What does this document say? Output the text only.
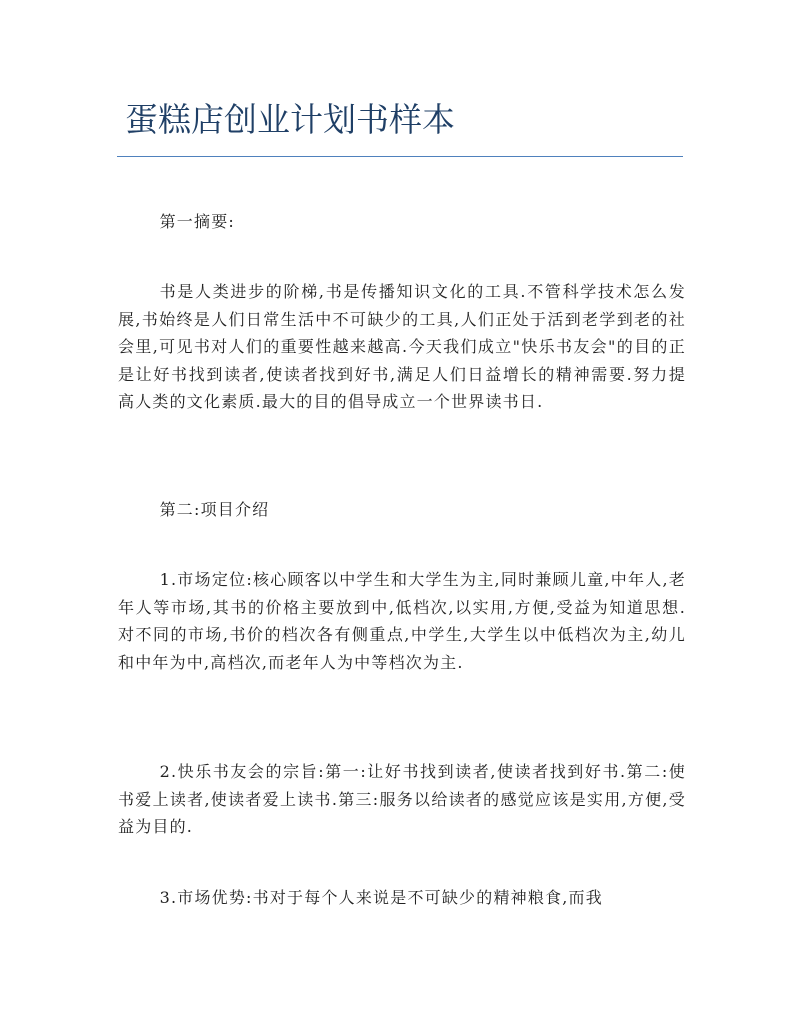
蛋糕店创业计划书样本

第一摘要:

书是人类进步的阶梯,书是传播知识文化的工具.不管科学技术怎么发展,书始终是人们日常生活中不可缺少的工具,人们正处于活到老学到老的社会里,可见书对人们的重要性越来越高.今天我们成立"快乐书友会"的目的正是让好书找到读者,使读者找到好书,满足人们日益增长的精神需要.努力提高人类的文化素质.最大的目的倡导成立一个世界读书日.

第二:项目介绍

1.市场定位:核心顾客以中学生和大学生为主,同时兼顾儿童,中年人,老年人等市场,其书的价格主要放到中,低档次,以实用,方便,受益为知道思想.对不同的市场,书价的档次各有侧重点,中学生,大学生以中低档次为主,幼儿和中年为中,高档次,而老年人为中等档次为主.

2.快乐书友会的宗旨:第一:让好书找到读者,使读者找到好书.第二:使书爱上读者,使读者爱上读书.第三:服务以给读者的感觉应该是实用,方便,受益为目的.

3.市场优势:书对于每个人来说是不可缺少的精神粮食,而我
